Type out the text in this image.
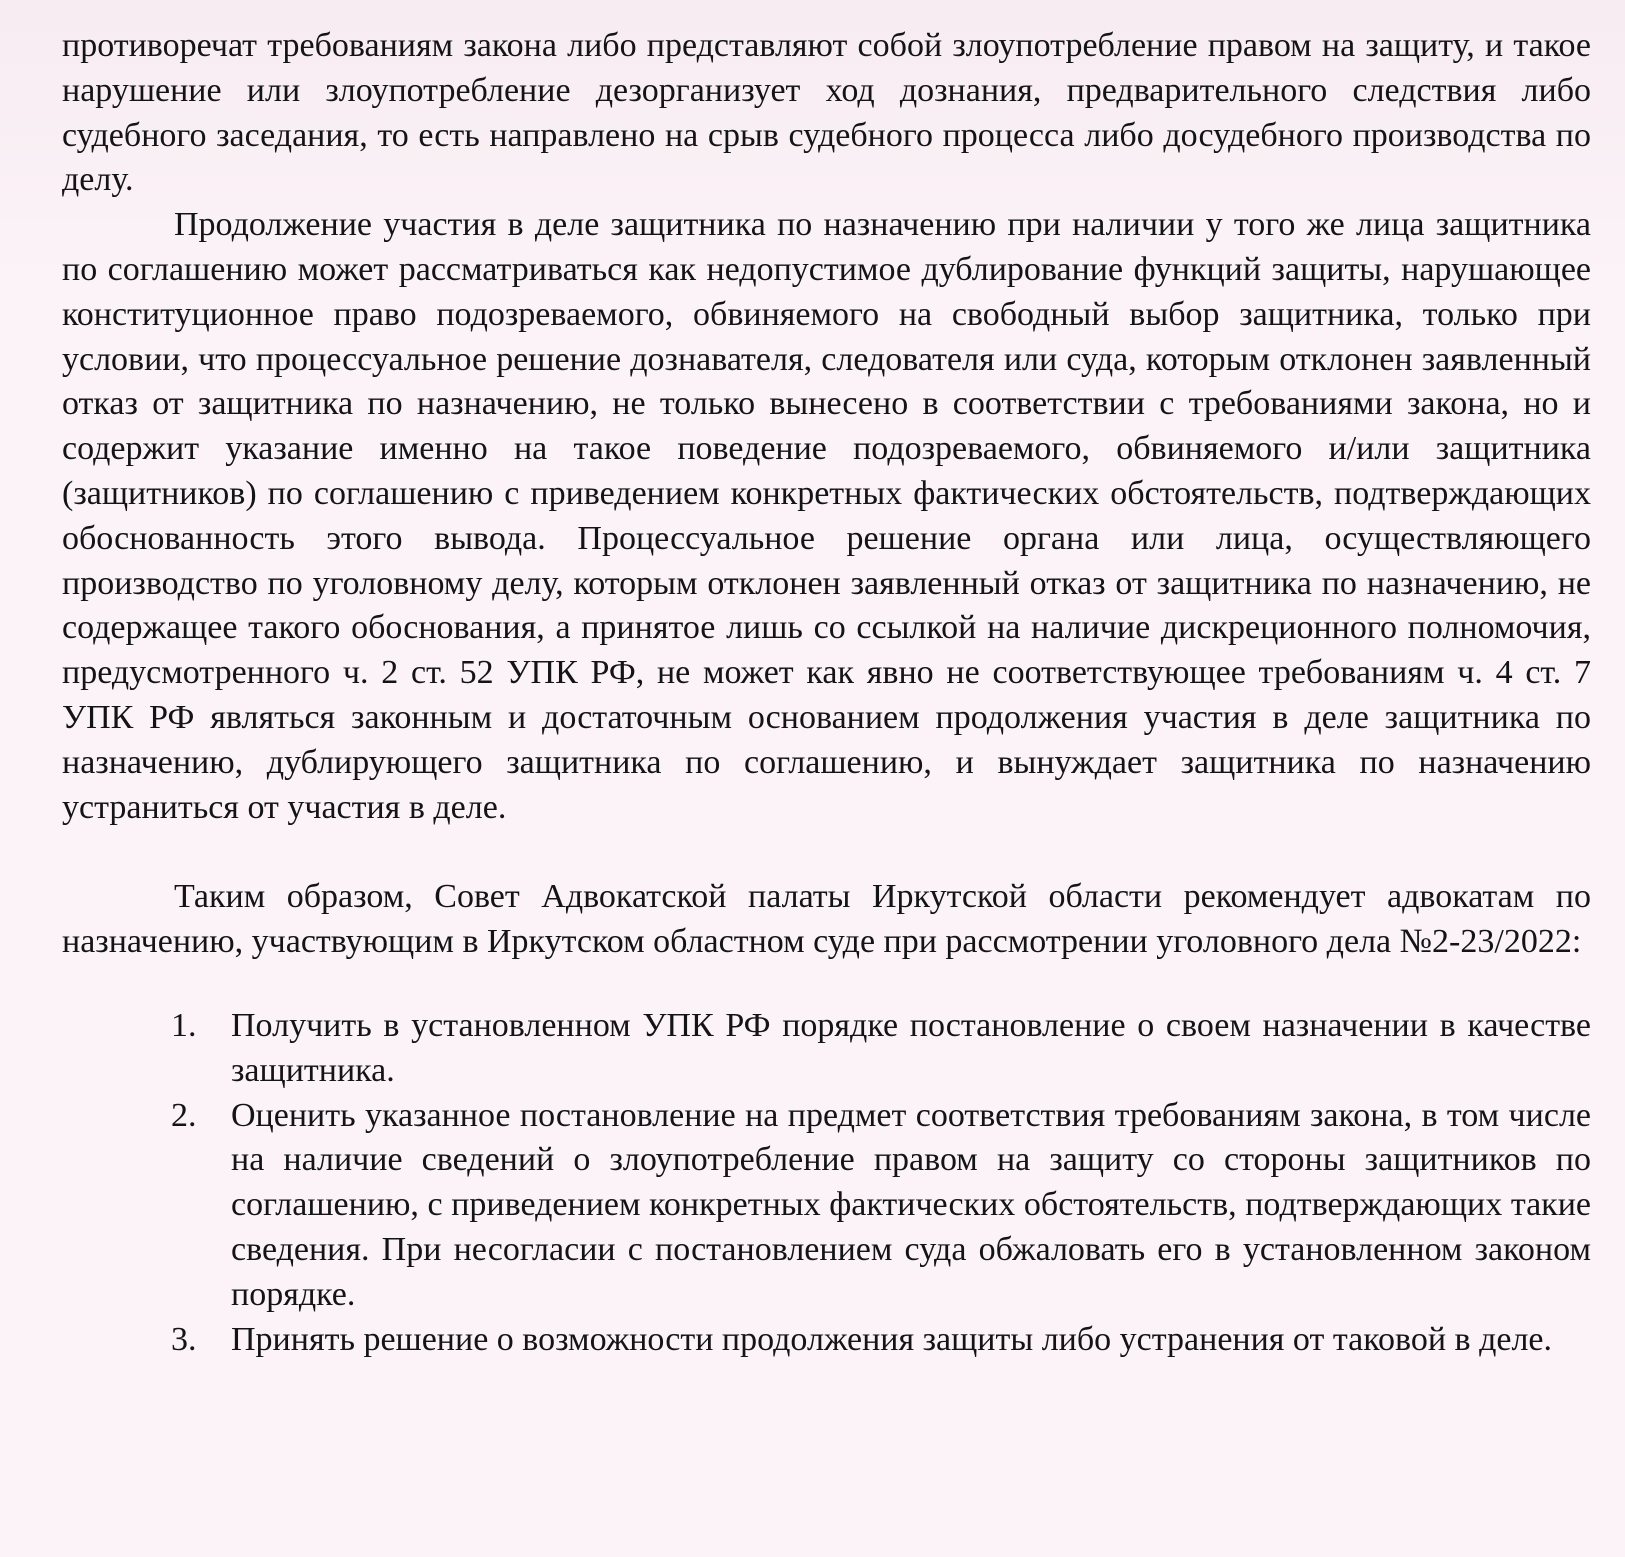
противоречат требованиям закона либо представляют собой злоупотребление правом на защиту, и такое нарушение или злоупотребление дезорганизует ход дознания, предварительного следствия либо судебного заседания, то есть направлено на срыв судебного процесса либо досудебного производства по делу.

Продолжение участия в деле защитника по назначению при наличии у того же лица защитника по соглашению может рассматриваться как недопустимое дублирование функций защиты, нарушающее конституционное право подозреваемого, обвиняемого на свободный выбор защитника, только при условии, что процессуальное решение дознавателя, следователя или суда, которым отклонен заявленный отказ от защитника по назначению, не только вынесено в соответствии с требованиями закона, но и содержит указание именно на такое поведение подозреваемого, обвиняемого и/или защитника (защитников) по соглашению с приведением конкретных фактических обстоятельств, подтверждающих обоснованность этого вывода. Процессуальное решение органа или лица, осуществляющего производство по уголовному делу, которым отклонен заявленный отказ от защитника по назначению, не содержащее такого обоснования, а принятое лишь со ссылкой на наличие дискреционного полномочия, предусмотренного ч. 2 ст. 52 УПК РФ, не может как явно не соответствующее требованиям ч. 4 ст. 7 УПК РФ являться законным и достаточным основанием продолжения участия в деле защитника по назначению, дублирующего защитника по соглашению, и вынуждает защитника по назначению устраниться от участия в деле.

Таким образом, Совет Адвокатской палаты Иркутской области рекомендует адвокатам по назначению, участвующим в Иркутском областном суде при рассмотрении уголовного дела №2-23/2022:

1. Получить в установленном УПК РФ порядке постановление о своем назначении в качестве защитника.
2. Оценить указанное постановление на предмет соответствия требованиям закона, в том числе на наличие сведений о злоупотребление правом на защиту со стороны защитников по соглашению, с приведением конкретных фактических обстоятельств, подтверждающих такие сведения. При несогласии с постановлением суда обжаловать его в установленном законом порядке.
3. Принять решение о возможности продолжения защиты либо устранения от таковой в деле.
